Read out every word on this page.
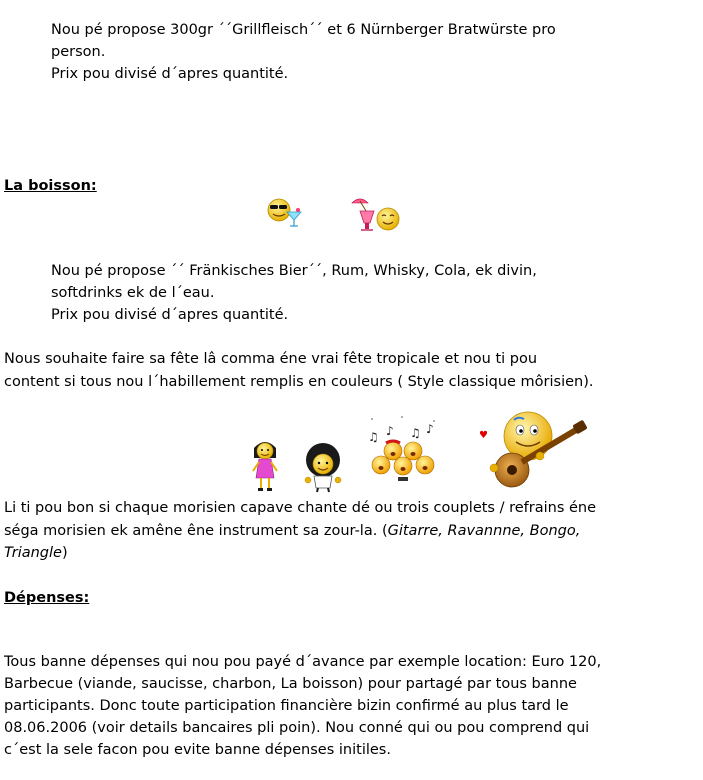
Nou pé propose 300gr ´´Grillfleisch´´ et 6 Nürnberger Bratwürste pro
person.
Prix pou divisé d´apres quantité.
La boisson:
Nou pé propose ´´ Fränkisches Bier´´, Rum, Whisky, Cola, ek divin,
softdrinks ek de l´eau.
Prix pou divisé d´apres quantité.
Nous souhaite faire sa fête lâ comma éne vrai fête tropicale et nou ti pou
content si tous nou l´habillement remplis en couleurs ( Style classique môrisien).
♫ ♪ ♫ ♪	♥
Li ti pou bon si chaque morisien capave chante dé ou trois couplets / refrains éne
séga morisien ek amêne êne instrument sa zour-la. (Gitarre, Ravannne, Bongo,
Triangle)
Dépenses:
Tous banne dépenses qui nou pou payé d´avance par exemple location: Euro 120,
Barbecue (viande, saucisse, charbon, La boisson) pour partagé par tous banne
participants. Donc toute participation financière bizin confirmé au plus tard le
08.06.2006 (voir details bancaires pli poin). Nou conné qui ou pou comprend qui
c´est la sele facon pou evite banne dépenses initiles.
